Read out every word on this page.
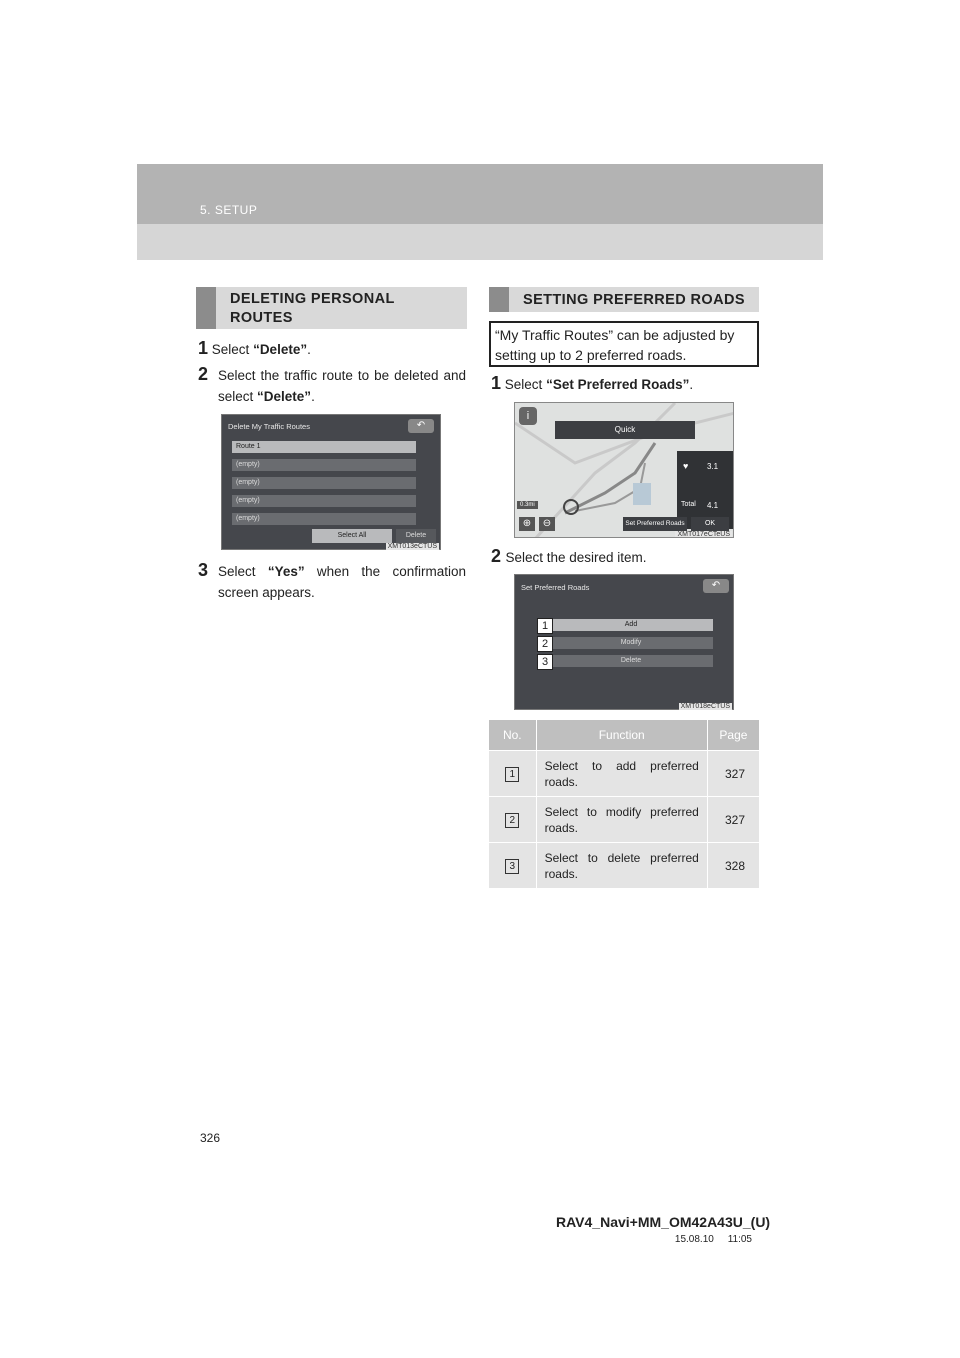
5. SETUP
DELETING PERSONAL
ROUTES
1 Select “Delete”.
2 Select the traffic route to be deleted and select “Delete”.
Delete My Traffic Routes	↶
Route 1
(empty)
(empty)
(empty)
(empty)
Select All	Delete
XMT013eCTUS
3 Select “Yes” when the confirmation screen appears.
SETTING PREFERRED ROADS
“My Traffic Routes” can be adjusted by setting up to 2 preferred roads.
1 Select “Set Preferred Roads”.
i
Quick
♥ 3.1
Total 4.1
0.3mi
⊕	⊖	Set Preferred Roads	OK
XMT017eCTeUS
2 Select the desired item.
Set Preferred Roads	↶
Add
Modify
Delete
1
2
3
XMT018eCTUS
No.	Function	Page
1	Select to add preferred roads.	327
2	Select to modify preferred roads.	327
3	Select to delete preferred roads.	328
326
RAV4_Navi+MM_OM42A43U_(U)
15.08.10     11:05
